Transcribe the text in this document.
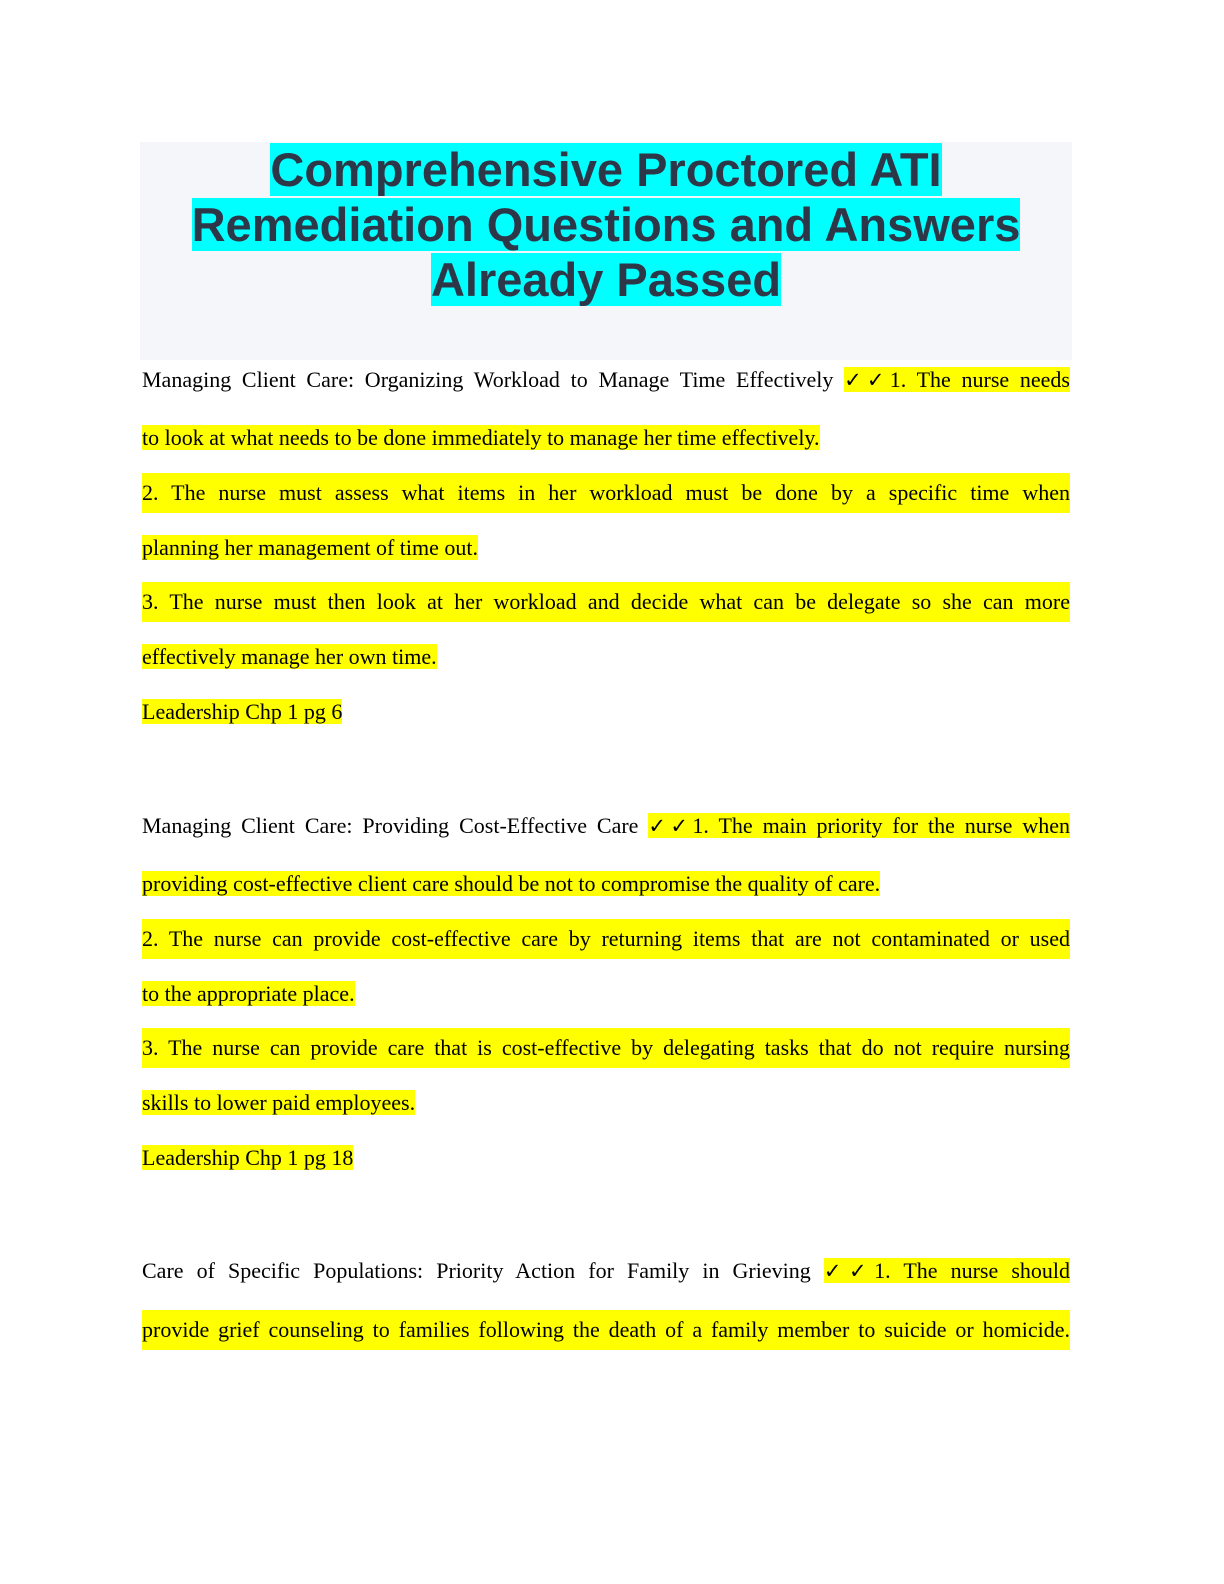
Comprehensive Proctored ATI
Remediation Questions and Answers
Already Passed
Managing Client Care: Organizing Workload to Manage Time Effectively ✓✓1. The nurse needs
to look at what needs to be done immediately to manage her time effectively.
2. The nurse must assess what items in her workload must be done by a specific time when
planning her management of time out.
3. The nurse must then look at her workload and decide what can be delegate so she can more
effectively manage her own time.
Leadership Chp 1 pg 6
Managing Client Care: Providing Cost-Effective Care ✓✓1. The main priority for the nurse when
providing cost-effective client care should be not to compromise the quality of care.
2. The nurse can provide cost-effective care by returning items that are not contaminated or used
to the appropriate place.
3. The nurse can provide care that is cost-effective by delegating tasks that do not require nursing
skills to lower paid employees.
Leadership Chp 1 pg 18
Care of Specific Populations: Priority Action for Family in Grieving ✓✓1. The nurse should
provide grief counseling to families following the death of a family member to suicide or homicide.
